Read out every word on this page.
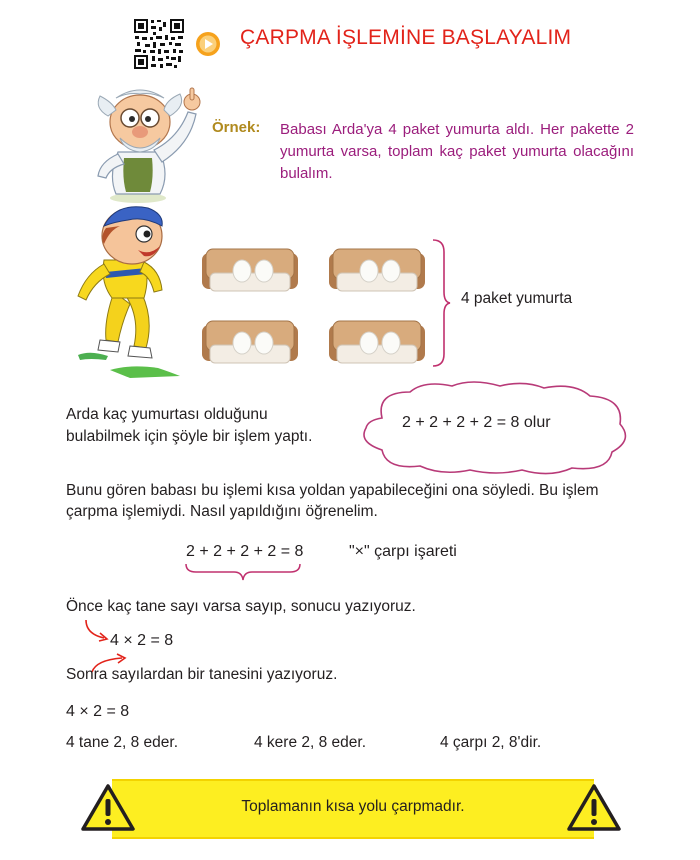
ÇARPMA İŞLEMİNE BAŞLAYALIM
Örnek: Babası Arda'ya 4 paket yumurta aldı. Her pakette 2 yumurta varsa, toplam kaç paket yumurta olacağını bulalım.
4 paket yumurta
Arda kaç yumurtası olduğunu
bulabilmek için şöyle bir işlem yaptı.
2 + 2 + 2 + 2 = 8 olur
Bunu gören babası bu işlemi kısa yoldan yapabileceğini ona söyledi. Bu işlem
çarpma işlemiydi. Nasıl yapıldığını öğrenelim.
2 + 2 + 2 + 2 = 8	"×" çarpı işareti
Önce kaç tane sayı varsa sayıp, sonucu yazıyoruz.
4 × 2 = 8
Sonra sayılardan bir tanesini yazıyoruz.
4 × 2 = 8
4 tane 2, 8 eder.	4 kere 2, 8 eder.	4 çarpı 2, 8'dir.
Toplamanın kısa yolu çarpmadır.
